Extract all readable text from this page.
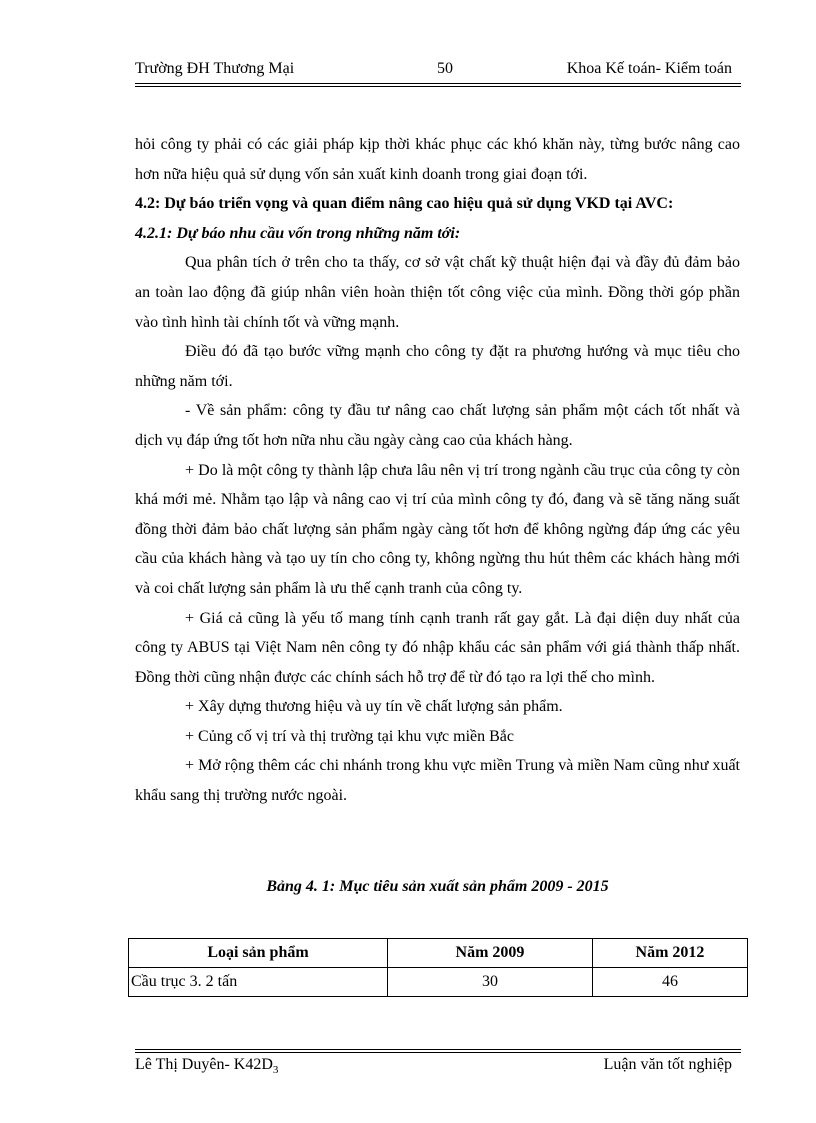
Trường ĐH Thương Mại	50	Khoa Kế toán- Kiểm toán

hỏi công ty phải có các giải pháp kịp thời khác phục các khó khăn này, từng bước nâng cao hơn nữa hiệu quả sử dụng vốn sản xuất kinh doanh trong giai đoạn tới.

4.2: Dự báo triển vọng và quan điểm nâng cao hiệu quả sử dụng VKD tại AVC:
4.2.1: Dự báo nhu cầu vốn trong những năm tới:

Qua phân tích ở trên cho ta thấy, cơ sở vật chất kỹ thuật hiện đại và đầy đủ đảm bảo an toàn lao động đã giúp nhân viên hoàn thiện tốt công việc của mình. Đồng thời góp phần vào tình hình tài chính tốt và vững mạnh.

Điều đó đã tạo bước vững mạnh cho công ty đặt ra phương hướng và mục tiêu cho những năm tới.

- Về sản phẩm: công ty đầu tư nâng cao chất lượng sản phẩm một cách tốt nhất và dịch vụ đáp ứng tốt hơn nữa nhu cầu ngày càng cao của khách hàng.

+ Do là một công ty thành lập chưa lâu nên vị trí trong ngành cầu trục của công ty còn khá mới mẻ. Nhằm tạo lập và nâng cao vị trí của mình công ty đó, đang và sẽ tăng năng suất đồng thời đảm bảo chất lượng sản phẩm ngày càng tốt hơn để không ngừng đáp ứng các yêu cầu của khách hàng và tạo uy tín cho công ty, không ngừng thu hút thêm các khách hàng mới và coi chất lượng sản phẩm là ưu thế cạnh tranh của công ty.

+ Giá cả cũng là yếu tố mang tính cạnh tranh rất gay gắt. Là đại diện duy nhất của công ty ABUS tại Việt Nam nên công ty đó nhập khẩu các sản phẩm với giá thành thấp nhất. Đồng thời cũng nhận được các chính sách hỗ trợ để từ đó tạo ra lợi thế cho mình.

+ Xây dựng thương hiệu và uy tín về chất lượng sản phẩm.

+ Củng cố vị trí và thị trường tại khu vực miền Bắc

+ Mở rộng thêm các chi nhánh trong khu vực miền Trung và miền Nam cũng như xuất khẩu sang thị trường nước ngoài.

Bảng 4. 1: Mục tiêu sản xuất sản phẩm 2009 - 2015
Loại sản phẩm	Năm 2009	Năm 2012
Cầu trục 3. 2 tấn	30	46
Lê Thị Duyên- $K42D_3$	Luận văn tốt nghiệp
